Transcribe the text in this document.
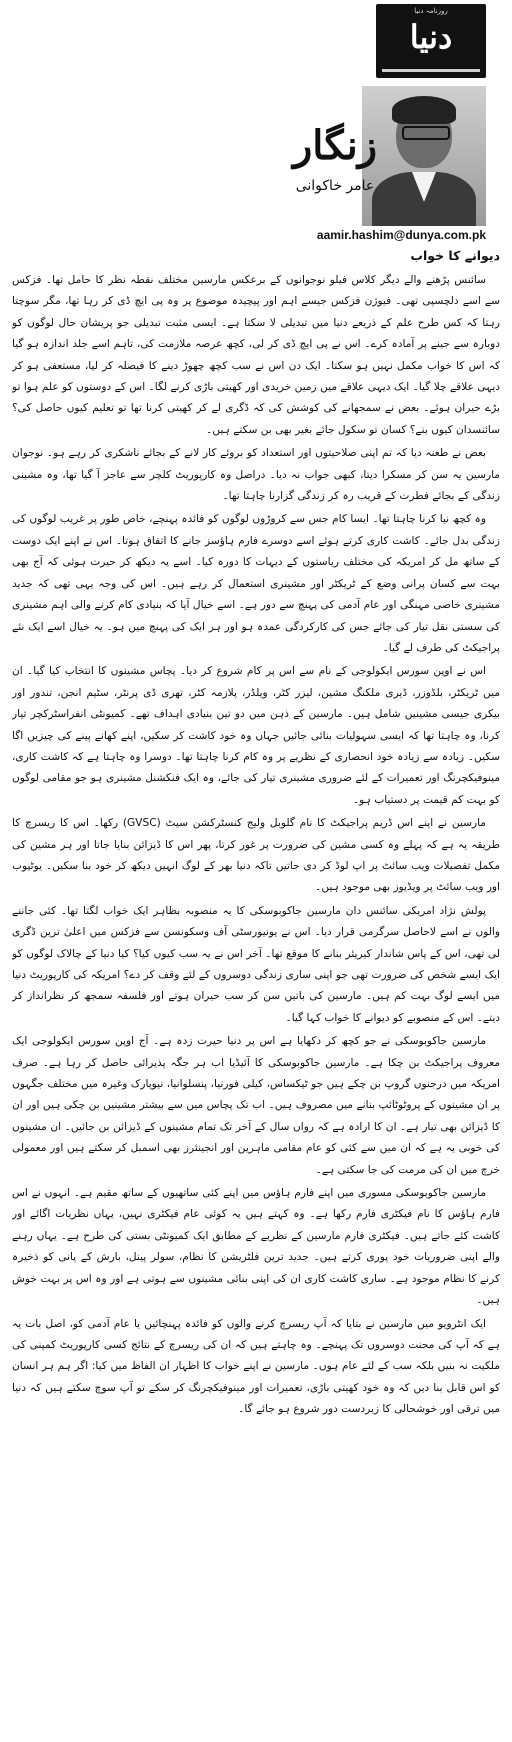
روزنامہ دنیا
دنیا
زنگار
عامر خاکوانی
aamir.hashim@dunya.com.pk
دیوانے کا خواب

سائنس پڑھنے والے دیگر کلاس فیلو نوجوانوں کے برعکس مارسین مختلف نقطہ نظر کا حامل تھا۔ فزکس سے اسے دلچسپی تھی۔ فیوژن فزکس جیسے اہم اور پیچیدہ موضوع پر وہ پی ایچ ڈی کر رہا تھا، مگر سوچتا رہتا کہ کس طرح علم کے ذریعے دنیا میں تبدیلی لا سکتا ہے۔ ایسی مثبت تبدیلی جو پریشان حال لوگوں کو دوبارہ سے جینے پر آمادہ کرے۔ اس نے پی ایچ ڈی کر لی، کچھ عرصہ ملازمت کی، تاہم اسے جلد اندازہ ہو گیا کہ اس کا خواب مکمل نہیں ہو سکتا۔ ایک دن اس نے سب کچھ چھوڑ دینے کا فیصلہ کر لیا، مستعفی ہو کر دیہی علاقے چلا گیا۔ ایک دیہی علاقے میں زمین خریدی اور کھیتی باڑی کرنے لگا۔ اس کے دوستوں کو علم ہوا تو بڑے حیران ہوئے۔ بعض نے سمجھانے کی کوشش کی کہ ڈگری لے کر کھیتی کرنا تھا تو تعلیم کیوں حاصل کی؟ سائنسدان کیوں بنے؟ کسان تو سکول جائے بغیر بھی بن سکتے ہیں۔

بعض نے طعنہ دیا کہ تم اپنی صلاحیتوں اور استعداد کو بروئے کار لانے کے بجائے ناشکری کر رہے ہو۔ نوجوان مارسین یہ سن کر مسکرا دیتا، کبھی جواب نہ دیا۔ دراصل وہ کارپوریٹ کلچر سے عاجز آ گیا تھا، وہ مشینی زندگی کے بجائے فطرت کے قریب رہ کر زندگی گزارنا چاہتا تھا۔

وہ کچھ نیا کرنا چاہتا تھا۔ ایسا کام جس سے کروڑوں لوگوں کو فائدہ پہنچے، خاص طور پر غریب لوگوں کی زندگی بدل جائے۔ کاشت کاری کرتے ہوئے اسے دوسرے فارم ہاؤسز جانے کا اتفاق ہوتا۔ اس نے اپنے ایک دوست کے ساتھ مل کر امریکہ کی مختلف ریاستوں کے دیہات کا دورہ کیا۔ اسے یہ دیکھ کر حیرت ہوئی کہ آج بھی بہت سے کسان پرانی وضع کے ٹریکٹر اور مشینری استعمال کر رہے ہیں۔ اس کی وجہ یہی تھی کہ جدید مشینری خاصی مہنگی اور عام آدمی کی پہنچ سے دور ہے۔ اسے خیال آیا کہ بنیادی کام کرنے والی اہم مشینری کی سستی نقل تیار کی جائے جس کی کارکردگی عمدہ ہو اور ہر ایک کی پہنچ میں ہو۔ یہ خیال اسے ایک نئے پراجیکٹ کی طرف لے گیا۔

اس نے اوپن سورس ایکولوجی کے نام سے اس پر کام شروع کر دیا۔ پچاس مشینوں کا انتخاب کیا گیا۔ ان میں ٹریکٹر، بلڈوزر، ڈیری ملکنگ مشین، لیزر کٹر، ویلڈر، پلازمہ کٹر، تھری ڈی پرنٹر، سٹیم انجن، تندور اور بیکری جیسی مشینیں شامل ہیں۔ مارسین کے ذہن میں دو تین بنیادی اہداف تھے۔ کمیونٹی انفراسٹرکچر تیار کرنا، وہ چاہتا تھا کہ ایسی سہولیات بنائی جائیں جہاں وہ خود کاشت کر سکیں، اپنے کھانے پینے کی چیزیں اگا سکیں۔ زیادہ سے زیادہ خود انحصاری کے نظریے پر وہ کام کرنا چاہتا تھا۔ دوسرا وہ چاہتا ہے کہ کاشت کاری، مینوفیکچرنگ اور تعمیرات کے لئے ضروری مشینری تیار کی جائے، وہ ایک فنکشنل مشینری ہو جو مقامی لوگوں کو بہت کم قیمت پر دستیاب ہو۔

مارسین نے اپنے اس ڈریم پراجیکٹ کا نام گلوبل ولیج کنسٹرکشن سیٹ (GVSC) رکھا۔ اس کا ریسرچ کا طریقہ یہ ہے کہ پہلے وہ کسی مشین کی ضرورت پر غور کرتا، پھر اس کا ڈیزائن بنایا جاتا اور ہر مشین کی مکمل تفصیلات ویب سائٹ پر اپ لوڈ کر دی جاتیں تاکہ دنیا بھر کے لوگ انہیں دیکھ کر خود بنا سکیں۔ یوٹیوب اور ویب سائٹ پر ویڈیوز بھی موجود ہیں۔

پولش نژاد امریکی سائنس دان مارسین جاکوبوسکی کا یہ منصوبہ بظاہر ایک خواب لگتا تھا۔ کئی جاننے والوں نے اسے لاحاصل سرگرمی قرار دیا۔ اس نے یونیورسٹی آف وسکونسن سے فزکس میں اعلیٰ ترین ڈگری لی تھی، اس کے پاس شاندار کیریئر بنانے کا موقع تھا۔ آخر اس نے یہ سب کیوں کیا؟ کیا دنیا کے چالاک لوگوں کو ایک ایسے شخص کی ضرورت تھی جو اپنی ساری زندگی دوسروں کے لئے وقف کر دے؟ امریکہ کی کارپوریٹ دنیا میں ایسے لوگ بہت کم ہیں۔ مارسین کی باتیں سن کر سب حیران ہوتے اور فلسفہ سمجھ کر نظرانداز کر دیتے۔ اس کے منصوبے کو دیوانے کا خواب کہا گیا۔

مارسین جاکوبوسکی نے جو کچھ کر دکھایا ہے اس پر دنیا حیرت زدہ ہے۔ آج اوپن سورس ایکولوجی ایک معروف پراجیکٹ بن چکا ہے۔ مارسین جاکوبوسکی کا آئیڈیا اب ہر جگہ پذیرائی حاصل کر رہا ہے۔ صرف امریکہ میں درجنوں گروپ بن چکے ہیں جو ٹیکساس، کیلی فورنیا، پنسلوانیا، نیویارک وغیرہ میں مختلف جگہوں پر ان مشینوں کے پروٹوٹائپ بنانے میں مصروف ہیں۔ اب تک پچاس میں سے بیشتر مشینیں بن چکی ہیں اور ان کا ڈیزائن بھی تیار ہے۔ ان کا ارادہ ہے کہ رواں سال کے آخر تک تمام مشینوں کے ڈیزائن بن جائیں۔ ان مشینوں کی خوبی یہ ہے کہ ان میں سے کئی کو عام مقامی ماہرین اور انجینئرز بھی اسمبل کر سکتے ہیں اور معمولی خرچ میں ان کی مرمت کی جا سکتی ہے۔

مارسین جاکوبوسکی مسوری میں اپنے فارم ہاؤس میں اپنے کئی ساتھیوں کے ساتھ مقیم ہے۔ انہوں نے اس فارم ہاؤس کا نام فیکٹری فارم رکھا ہے۔ وہ کہتے ہیں یہ کوئی عام فیکٹری نہیں، یہاں نظریات اگائے اور کاشت کئے جاتے ہیں۔ فیکٹری فارم مارسین کے نظریے کے مطابق ایک کمیونٹی بستی کی طرح ہے۔ یہاں رہنے والے اپنی ضروریات خود پوری کرتے ہیں۔ جدید ترین فلٹریشن کا نظام، سولر پینل، بارش کے پانی کو ذخیرہ کرنے کا نظام موجود ہے۔ ساری کاشت کاری ان کی اپنی بنائی مشینوں سے ہوتی ہے اور وہ اس پر بہت خوش ہیں۔

ایک انٹرویو میں مارسین نے بتایا کہ آپ ریسرچ کرنے والوں کو فائدہ پہنچائیں یا عام آدمی کو، اصل بات یہ ہے کہ آپ کی محنت دوسروں تک پہنچے۔ وہ چاہتے ہیں کہ ان کی ریسرچ کے نتائج کسی کارپوریٹ کمپنی کی ملکیت نہ بنیں بلکہ سب کے لئے عام ہوں۔ مارسین نے اپنے خواب کا اظہار ان الفاظ میں کیا: اگر ہم ہر انسان کو اس قابل بنا دیں کہ وہ خود کھیتی باڑی، تعمیرات اور مینوفیکچرنگ کر سکے تو آپ سوچ سکتے ہیں کہ دنیا میں ترقی اور خوشحالی کا زبردست دور شروع ہو جائے گا۔
